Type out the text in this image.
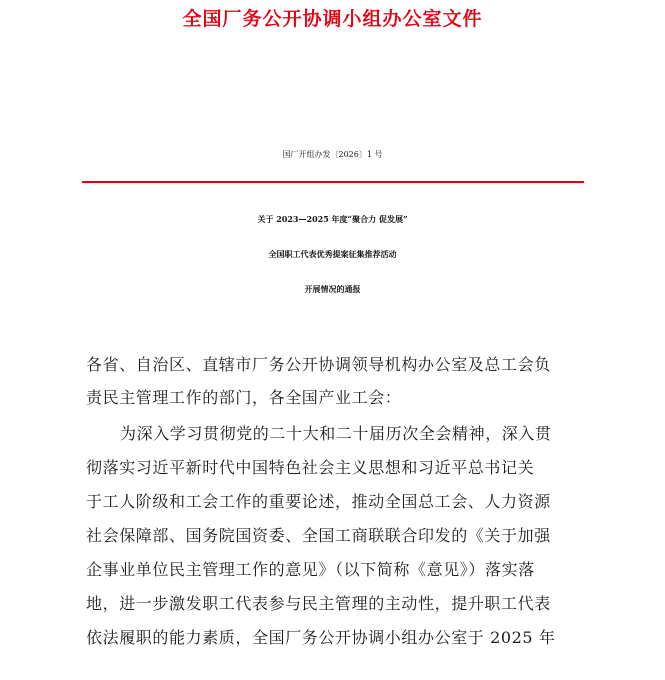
全国厂务公开协调小组办公室文件
国厂开组办发〔2026〕1 号
关于 2023—2025 年度“聚合力 促发展”
全国职工代表优秀提案征集推荐活动
开展情况的通报
各省、自治区、直辖市厂务公开协调领导机构办公室及总工会负
责民主管理工作的部门，各全国产业工会：
为深入学习贯彻党的二十大和二十届历次全会精神，深入贯
彻落实习近平新时代中国特色社会主义思想和习近平总书记关
于工人阶级和工会工作的重要论述，推动全国总工会、人力资源
社会保障部、国务院国资委、全国工商联联合印发的《关于加强
企事业单位民主管理工作的意见》（以下简称《意见》）落实落
地，进一步激发职工代表参与民主管理的主动性，提升职工代表
依法履职的能力素质，全国厂务公开协调小组办公室于 2025 年
